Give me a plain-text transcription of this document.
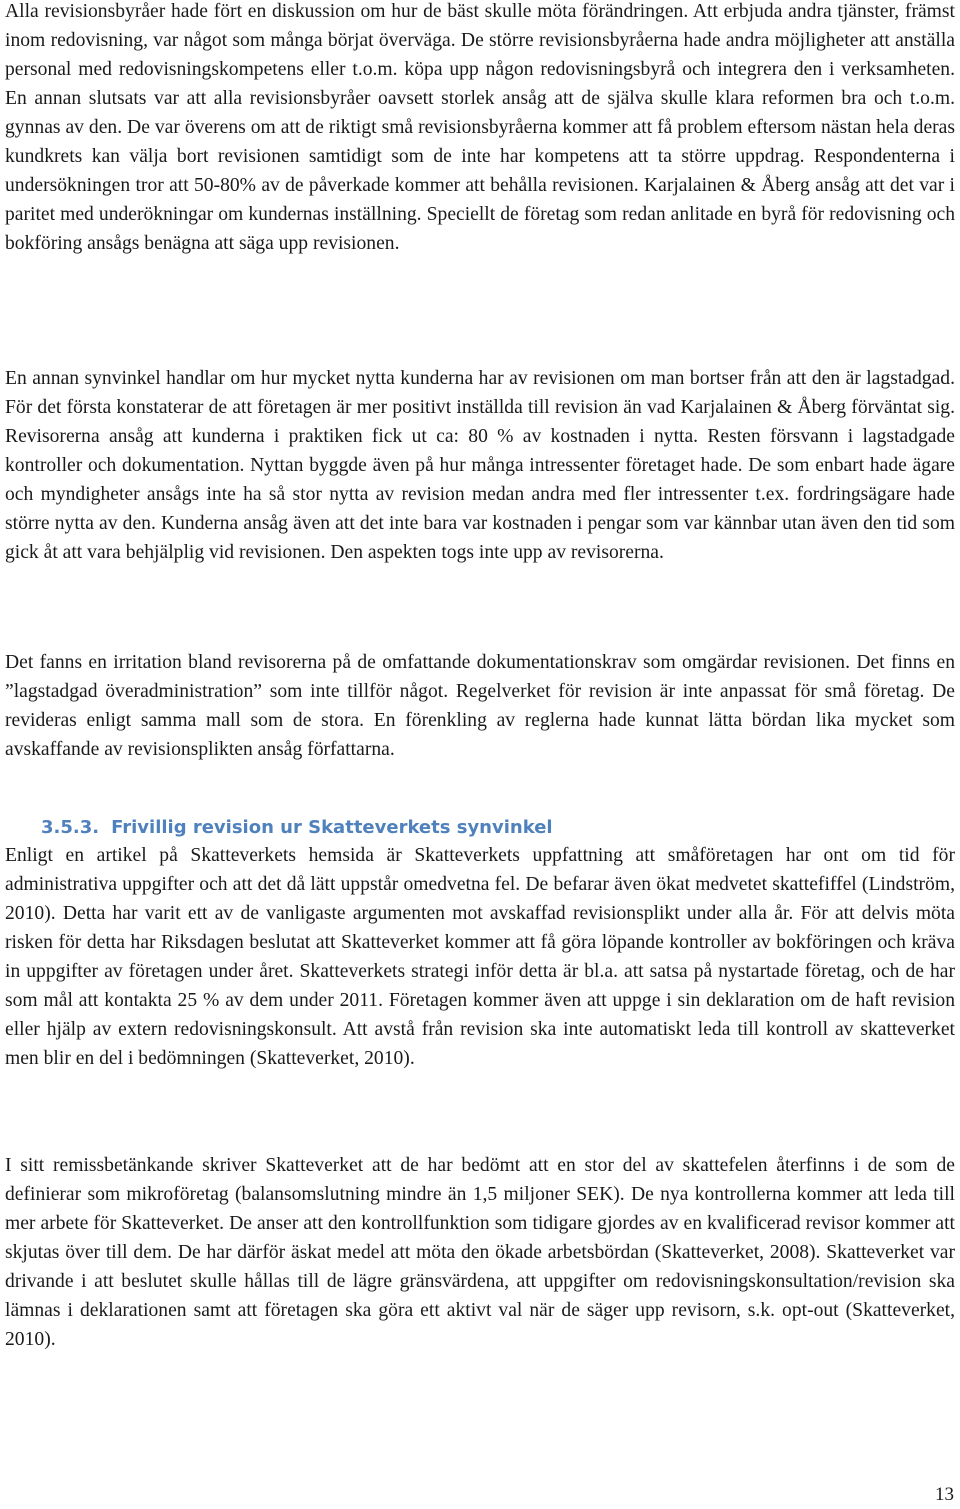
Alla revisionsbyråer hade fört en diskussion om hur de bäst skulle möta förändringen. Att erbjuda andra tjänster, främst inom redovisning, var något som många börjat överväga. De större revisionsbyråerna hade andra möjligheter att anställa personal med redovisningskompetens eller t.o.m. köpa upp någon redovisningsbyrå och integrera den i verksamheten. En annan slutsats var att alla revisionsbyråer oavsett storlek ansåg att de själva skulle klara reformen bra och t.o.m. gynnas av den. De var överens om att de riktigt små revisionsbyråerna kommer att få problem eftersom nästan hela deras kundkrets kan välja bort revisionen samtidigt som de inte har kompetens att ta större uppdrag. Respondenterna i undersökningen tror att 50-80% av de påverkade kommer att behålla revisionen. Karjalainen & Åberg ansåg att det var i paritet med underökningar om kundernas inställning. Speciellt de företag som redan anlitade en byrå för redovisning och bokföring ansågs benägna att säga upp revisionen.

En annan synvinkel handlar om hur mycket nytta kunderna har av revisionen om man bortser från att den är lagstadgad. För det första konstaterar de att företagen är mer positivt inställda till revision än vad Karjalainen & Åberg förväntat sig. Revisorerna ansåg att kunderna i praktiken fick ut ca: 80 % av kostnaden i nytta. Resten försvann i lagstadgade kontroller och dokumentation. Nyttan byggde även på hur många intressenter företaget hade. De som enbart hade ägare och myndigheter ansågs inte ha så stor nytta av revision medan andra med fler intressenter t.ex. fordringsägare hade större nytta av den. Kunderna ansåg även att det inte bara var kostnaden i pengar som var kännbar utan även den tid som gick åt att vara behjälplig vid revisionen. Den aspekten togs inte upp av revisorerna.

Det fanns en irritation bland revisorerna på de omfattande dokumentationskrav som omgärdar revisionen. Det finns en ”lagstadgad överadministration” som inte tillför något. Regelverket för revision är inte anpassat för små företag. De revideras enligt samma mall som de stora. En förenkling av reglerna hade kunnat lätta bördan lika mycket som avskaffande av revisionsplikten ansåg författarna.

3.5.3. Frivillig revision ur Skatteverkets synvinkel

Enligt en artikel på Skatteverkets hemsida är Skatteverkets uppfattning att småföretagen har ont om tid för administrativa uppgifter och att det då lätt uppstår omedvetna fel. De befarar även ökat medvetet skattefiffel (Lindström, 2010). Detta har varit ett av de vanligaste argumenten mot avskaffad revisionsplikt under alla år. För att delvis möta risken för detta har Riksdagen beslutat att Skatteverket kommer att få göra löpande kontroller av bokföringen och kräva in uppgifter av företagen under året. Skatteverkets strategi inför detta är bl.a. att satsa på nystartade företag, och de har som mål att kontakta 25 % av dem under 2011. Företagen kommer även att uppge i sin deklaration om de haft revision eller hjälp av extern redovisningskonsult. Att avstå från revision ska inte automatiskt leda till kontroll av skatteverket men blir en del i bedömningen (Skatteverket, 2010).

I sitt remissbetänkande skriver Skatteverket att de har bedömt att en stor del av skattefelen återfinns i de som de definierar som mikroföretag (balansomslutning mindre än 1,5 miljoner SEK). De nya kontrollerna kommer att leda till mer arbete för Skatteverket. De anser att den kontrollfunktion som tidigare gjordes av en kvalificerad revisor kommer att skjutas över till dem. De har därför äskat medel att möta den ökade arbetsbördan (Skatteverket, 2008). Skatteverket var drivande i att beslutet skulle hållas till de lägre gränsvärdena, att uppgifter om redovisningskonsultation/revision ska lämnas i deklarationen samt att företagen ska göra ett aktivt val när de säger upp revisorn, s.k. opt-out (Skatteverket, 2010).

13
